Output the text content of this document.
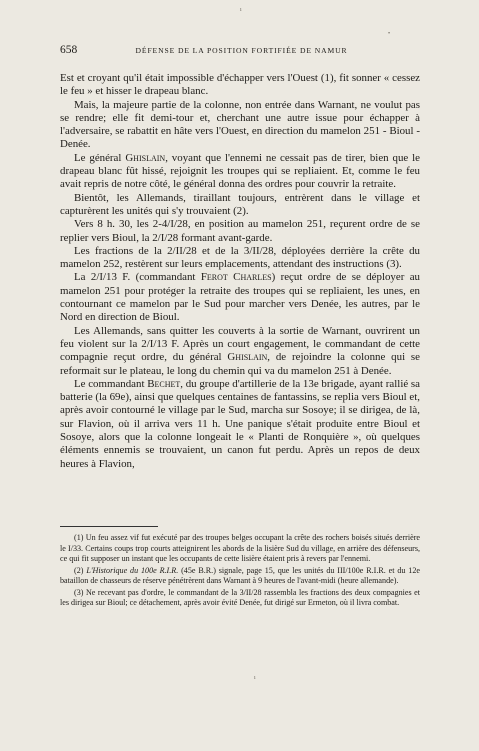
658	DÉFENSE DE LA POSITION FORTIFIÉE DE NAMUR
ı
•
ı

Est et croyant qu'il était impossible d'échapper vers l'Ouest (1), fit sonner « cessez le feu » et hisser le drapeau blanc.

Mais, la majeure partie de la colonne, non entrée dans Warnant, ne voulut pas se rendre; elle fit demi-tour et, cherchant une autre issue pour échapper à l'adversaire, se rabattit en hâte vers l'Ouest, en direction du mamelon 251 - Bioul - Denée.

Le général Ghislain, voyant que l'ennemi ne cessait pas de tirer, bien que le drapeau blanc fût hissé, rejoignit les troupes qui se repliaient. Et, comme le feu avait repris de notre côté, le général donna des ordres pour couvrir la retraite.

Bientôt, les Allemands, tiraillant toujours, entrèrent dans le village et capturèrent les unités qui s'y trouvaient (2).

Vers 8 h. 30, les 2-4/I/28, en position au mamelon 251, reçurent ordre de se replier vers Bioul, la 2/I/28 formant avant-garde.

Les fractions de la 2/II/28 et de la 3/II/28, déployées derrière la crête du mamelon 252, restèrent sur leurs emplacements, attendant des instructions (3).

La 2/I/13 F. (commandant Ferot Charles) reçut ordre de se déployer au mamelon 251 pour protéger la retraite des troupes qui se repliaient, les unes, en contournant ce mamelon par le Sud pour marcher vers Denée, les autres, par le Nord en direction de Bioul.

Les Allemands, sans quitter les couverts à la sortie de Warnant, ouvrirent un feu violent sur la 2/I/13 F. Après un court engagement, le commandant de cette compagnie reçut ordre, du général Ghislain, de rejoindre la colonne qui se reformait sur le plateau, le long du chemin qui va du mamelon 251 à Denée.

Le commandant Bechet, du groupe d'artillerie de la 13e brigade, ayant rallié sa batterie (la 69e), ainsi que quelques centaines de fantassins, se replia vers Bioul et, après avoir contourné le village par le Sud, marcha sur Sosoye; il se dirigea, de là, sur Flavion, où il arriva vers 11 h. Une panique s'était produite entre Bioul et Sosoye, alors que la colonne longeait le « Planti de Ronquière », où quelques éléments ennemis se trouvaient, un canon fut perdu. Après un repos de deux heures à Flavion,

(1) Un feu assez vif fut exécuté par des troupes belges occupant la crête des rochers boisés situés derrière le I/33. Certains coups trop courts atteignirent les abords de la lisière Sud du village, en arrière des défenseurs, ce qui fit supposer un instant que les occupants de cette lisière étaient pris à revers par l'ennemi.

(2) L'Historique du 100e R.I.R. (45e B.R.) signale, page 15, que les unités du III/100e R.I.R. et du 12e bataillon de chasseurs de réserve pénétrèrent dans Warnant à 9 heures de l'avant-midi (heure allemande).

(3) Ne recevant pas d'ordre, le commandant de la 3/II/28 rassembla les fractions des deux compagnies et les dirigea sur Bioul; ce détachement, après avoir évité Denée, fut dirigé sur Ermeton, où il livra combat.
